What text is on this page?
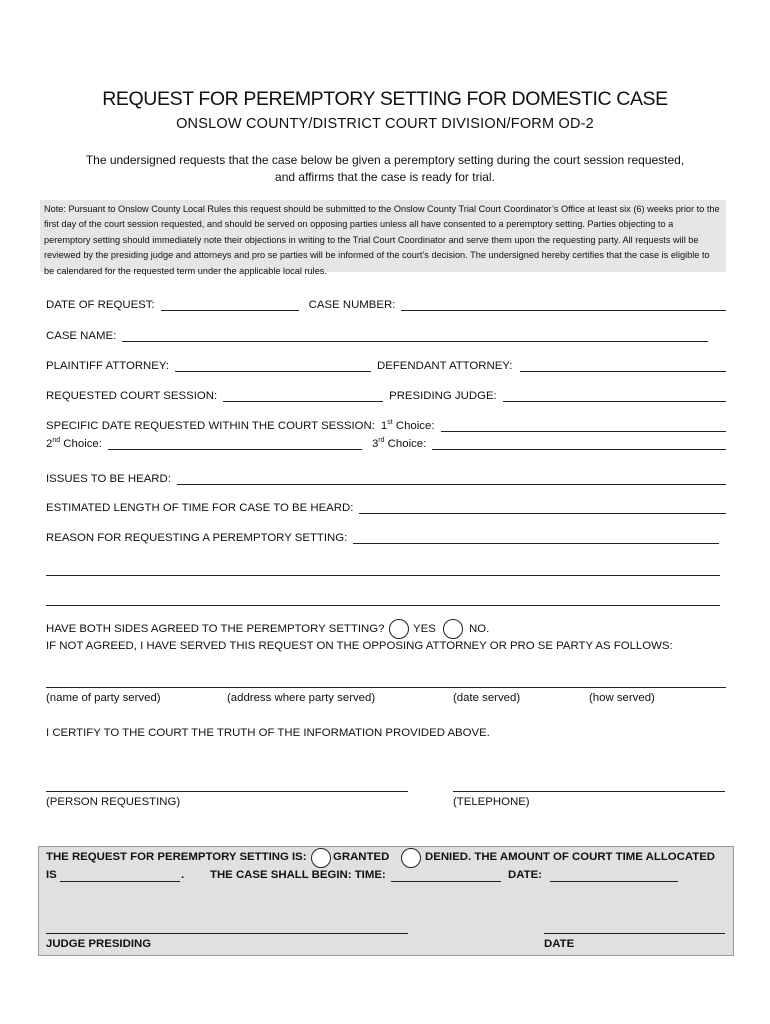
REQUEST FOR PEREMPTORY SETTING FOR DOMESTIC CASE
ONSLOW COUNTY/DISTRICT COURT DIVISION/FORM OD-2
The undersigned requests that the case below be given a peremptory setting during the court session requested,
and affirms that the case is ready for trial.
Note: Pursuant to Onslow County Local Rules this request should be submitted to the Onslow County Trial Court Coordinator’s Office at least six (6) weeks prior to the first day of the court session requested, and should be served on opposing parties unless all have consented to a peremptory setting. Parties objecting to a peremptory setting should immediately note their objections in writing to the Trial Court Coordinator and serve them upon the requesting party. All requests will be reviewed by the presiding judge and attorneys and pro se parties will be informed of the court’s decision. The undersigned hereby certifies that the case is eligible to be calendared for the requested term under the applicable local rules.
DATE OF REQUEST:	CASE NUMBER:
CASE NAME:
PLAINTIFF ATTORNEY:	DEFENDANT ATTORNEY:
REQUESTED COURT SESSION:	PRESIDING JUDGE:
SPECIFIC DATE REQUESTED WITHIN THE COURT SESSION: 1st Choice:
2nd Choice:	3rd Choice:
ISSUES TO BE HEARD:
ESTIMATED LENGTH OF TIME FOR CASE TO BE HEARD:
REASON FOR REQUESTING A PEREMPTORY SETTING:
HAVE BOTH SIDES AGREED TO THE PEREMPTORY SETTING?	YES	NO.
IF NOT AGREED, I HAVE SERVED THIS REQUEST ON THE OPPOSING ATTORNEY OR PRO SE PARTY AS FOLLOWS:
(name of party served)	(address where party served)	(date served)	(how served)
I CERTIFY TO THE COURT THE TRUTH OF THE INFORMATION PROVIDED ABOVE.
(PERSON REQUESTING)	(TELEPHONE)
THE REQUEST FOR PEREMPTORY SETTING IS: GRANTED	DENIED. THE AMOUNT OF COURT TIME ALLOCATED
IS	. THE CASE SHALL BEGIN: TIME:	DATE:
JUDGE PRESIDING	DATE
